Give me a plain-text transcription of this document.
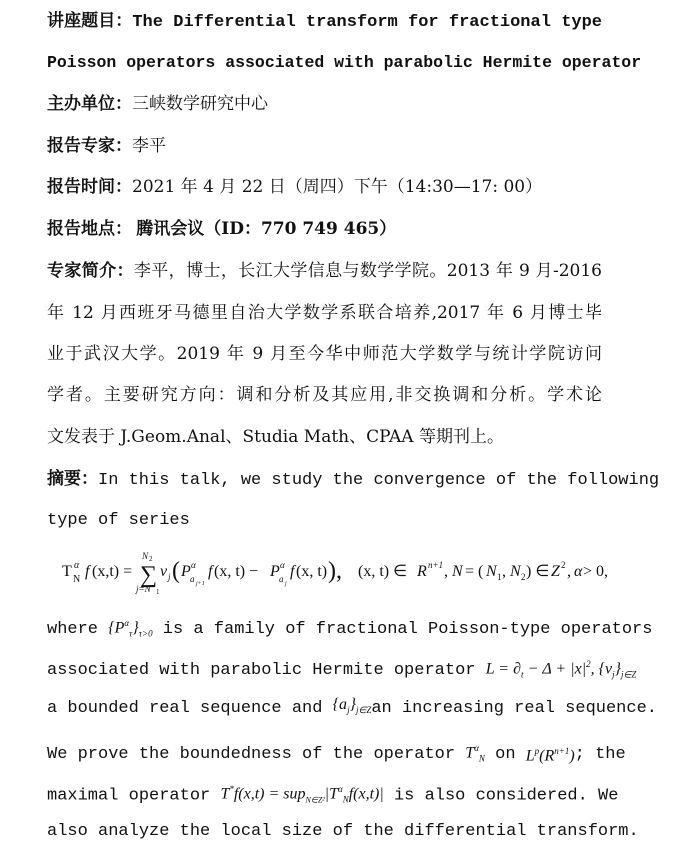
讲座题目：The Differential transform for fractional type
Poisson operators associated with parabolic Hermite operator
主办单位：三峡数学研究中心
报告专家：李平
报告时间：2021 年 4 月 22 日（周四）下午（14:30—17: 00）
报告地点： 腾讯会议（ID：770 749 465）
专家简介：李平，博士，长江大学信息与数学学院。2013 年 9 月-2016
年 12 月西班牙马德里自治大学数学系联合培养,2017 年 6 月博士毕
业于武汉大学。2019 年 9 月至今华中师范大学数学与统计学院访问
学者。主要研究方向：调和分析及其应用,非交换调和分析。学术论
文发表于 J.Geom.Anal、Studia Math、CPAA 等期刊上。
摘要：In this talk, we study the convergence of the following
type of series
T N
α f (x,t) = ∑
N 2
j=N 1
v j ( P α
a j+1
f (x, t) − P α
a j
f (x, t) ), (x, t) ∈ R n+1 , N = ( N 1 , N 2 ) ∈ Z 2 , α > 0,
where $\{P^\alpha_\tau\}_{\tau>0}$ is a family of fractional Poisson-type operators
associated with parabolic Hermite operator $L = \partial_t - \Delta + |x|^2$, $\{v_j\}_{j\in Z}$
a bounded real sequence and $\{a_j\}_{j\in Z}an$ increasing real sequence.
We prove the boundedness of the operator $T^\alpha_N$ on $L^p(R^{n+1})$; the
maximal operator $T^*f(x,t) = sup_{N\in Z^2}|T^\alpha_Nf(x,t)|$ is also considered. We
also analyze the local size of the differential transform.
